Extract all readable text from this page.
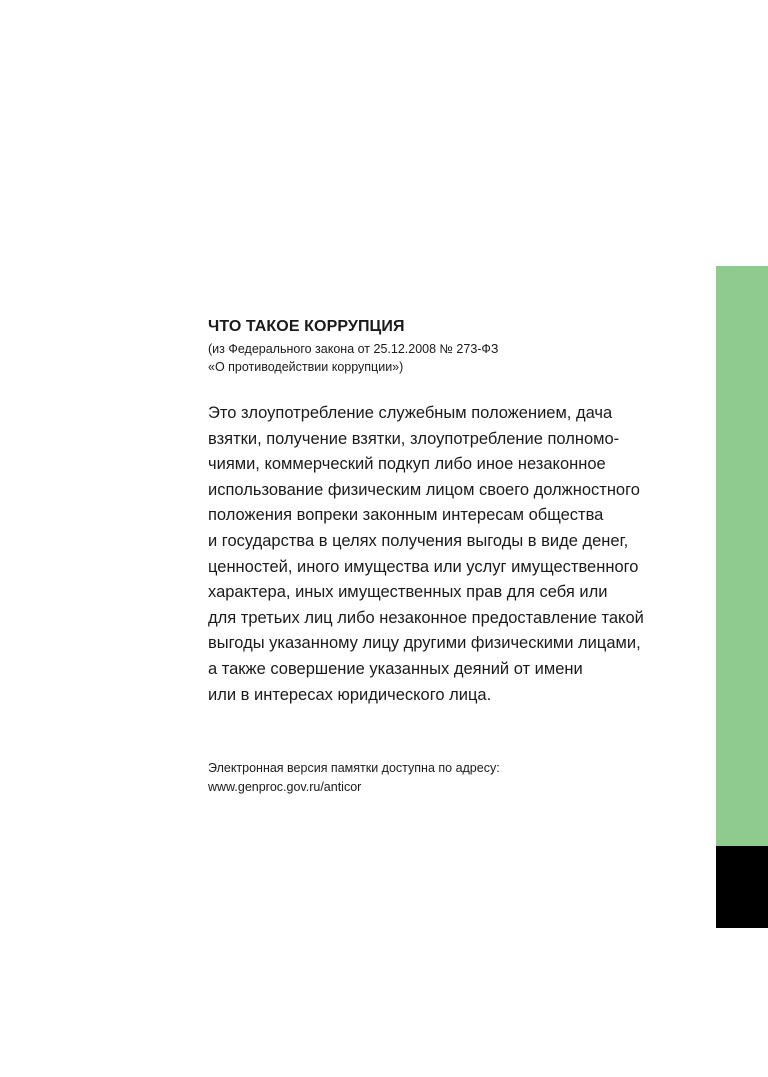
ЧТО ТАКОЕ КОРРУПЦИЯ

(из Федерального закона от 25.12.2008 № 273-ФЗ
«О противодействии коррупции»)

Это злоупотребление служебным положением, дача
взятки, получение взятки, злоупотребление полномо-
чиями, коммерческий подкуп либо иное незаконное
использование физическим лицом своего должностного
положения вопреки законным интересам общества
и государства в целях получения выгоды в виде денег,
ценностей, иного имущества или услуг имущественного
характера, иных имущественных прав для себя или
для третьих лиц либо незаконное предоставление такой
выгоды указанному лицу другими физическими лицами,
а также совершение указанных деяний от имени
или в интересах юридического лица.

Электронная версия памятки доступна по адресу:
www.genproc.gov.ru/anticor
